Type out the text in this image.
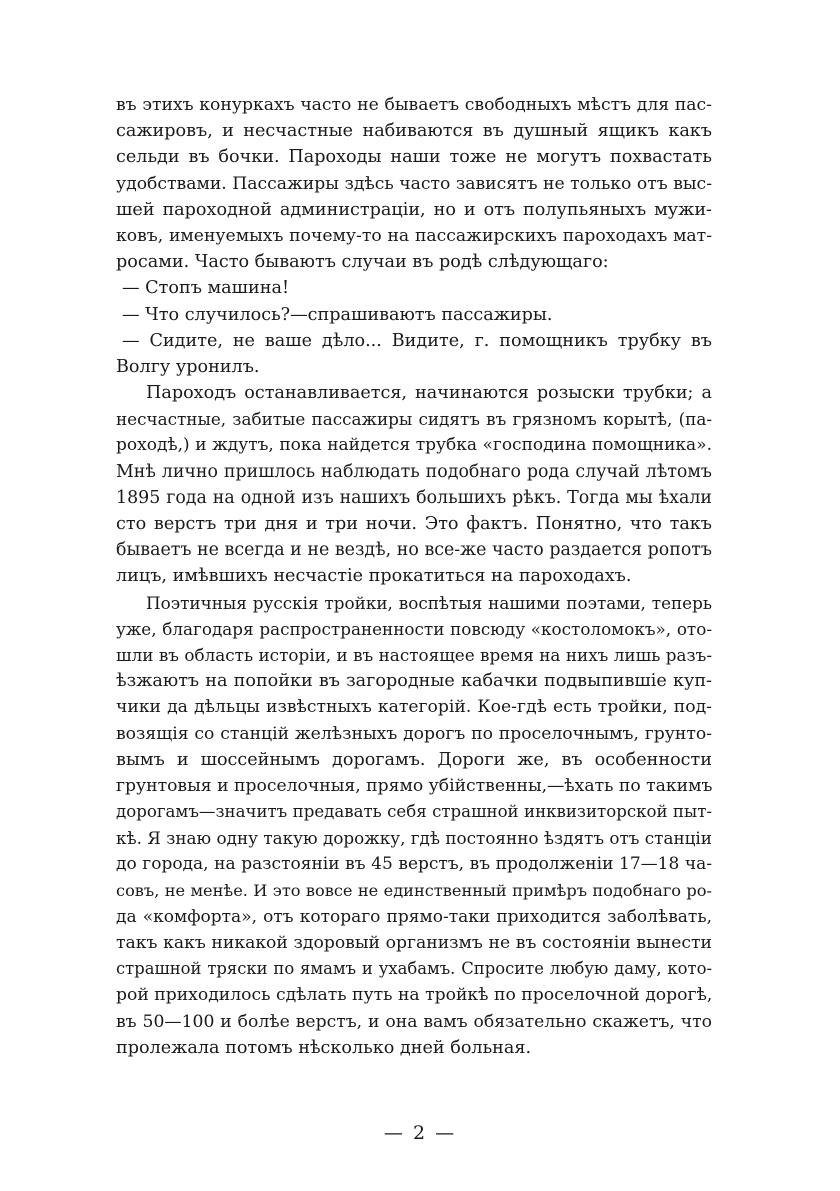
въ этихъ конуркахъ часто не бываетъ свободныхъ мѣстъ для пас-
сажировъ, и несчастные набиваются въ душный ящикъ какъ
сельди въ бочки. Пароходы наши тоже не могутъ похвастать
удобствами. Пассажиры здѣсь часто зависятъ не только отъ выс-
шей пароходной администраціи, но и отъ полупьяныхъ мужи-
ковъ, именуемыхъ почему-то на пассажирскихъ пароходахъ мат-
росами. Часто бываютъ случаи въ родѣ слѣдующаго:
— Стопъ машина!
— Что случилось?—спрашиваютъ пассажиры.
— Сидите, не ваше дѣло... Видите, г. помощникъ трубку въ
Волгу уронилъ.
Пароходъ останавливается, начинаются розыски трубки; а
несчастные, забитые пассажиры сидятъ въ грязномъ корытѣ, (па-
роходѣ,) и ждутъ, пока найдется трубка «господина помощника».
Мнѣ лично пришлось наблюдать подобнаго рода случай лѣтомъ
1895 года на одной изъ нашихъ большихъ рѣкъ. Тогда мы ѣхали
сто верстъ три дня и три ночи. Это фактъ. Понятно, что такъ
бываетъ не всегда и не вездѣ, но все-же часто раздается ропотъ
лицъ, имѣвшихъ несчастіе прокатиться на пароходахъ.
Поэтичныя русскія тройки, воспѣтыя нашими поэтами, теперь
уже, благодаря распространенности повсюду «костоломокъ», ото-
шли въ область исторіи, и въ настоящее время на нихъ лишь разъ-
ѣзжаютъ на попойки въ загородные кабачки подвыпившіе куп-
чики да дѣльцы извѣстныхъ категорій. Кое-гдѣ есть тройки, под-
возящія со станцій желѣзныхъ дорогъ по проселочнымъ, грунто-
вымъ и шоссейнымъ дорогамъ. Дороги же, въ особенности
грунтовыя и проселочныя, прямо убійственны,—ѣхать по такимъ
дорогамъ—значитъ предавать себя страшной инквизиторской пыт-
кѣ. Я знаю одну такую дорожку, гдѣ постоянно ѣздятъ отъ станціи
до города, на разстояніи въ 45 верстъ, въ продолженіи 17—18 ча-
совъ, не менѣе. И это вовсе не единственный примѣръ подобнаго ро-
да «комфорта», отъ котораго прямо-таки приходится заболѣвать,
такъ какъ никакой здоровый организмъ не въ состояніи вынести
страшной тряски по ямамъ и ухабамъ. Спросите любую даму, кото-
рой приходилось сдѣлать путь на тройкѣ по проселочной дорогѣ,
въ 50—100 и болѣе верстъ, и она вамъ обязательно скажетъ, что
пролежала потомъ нѣсколько дней больная.
— 2 —
